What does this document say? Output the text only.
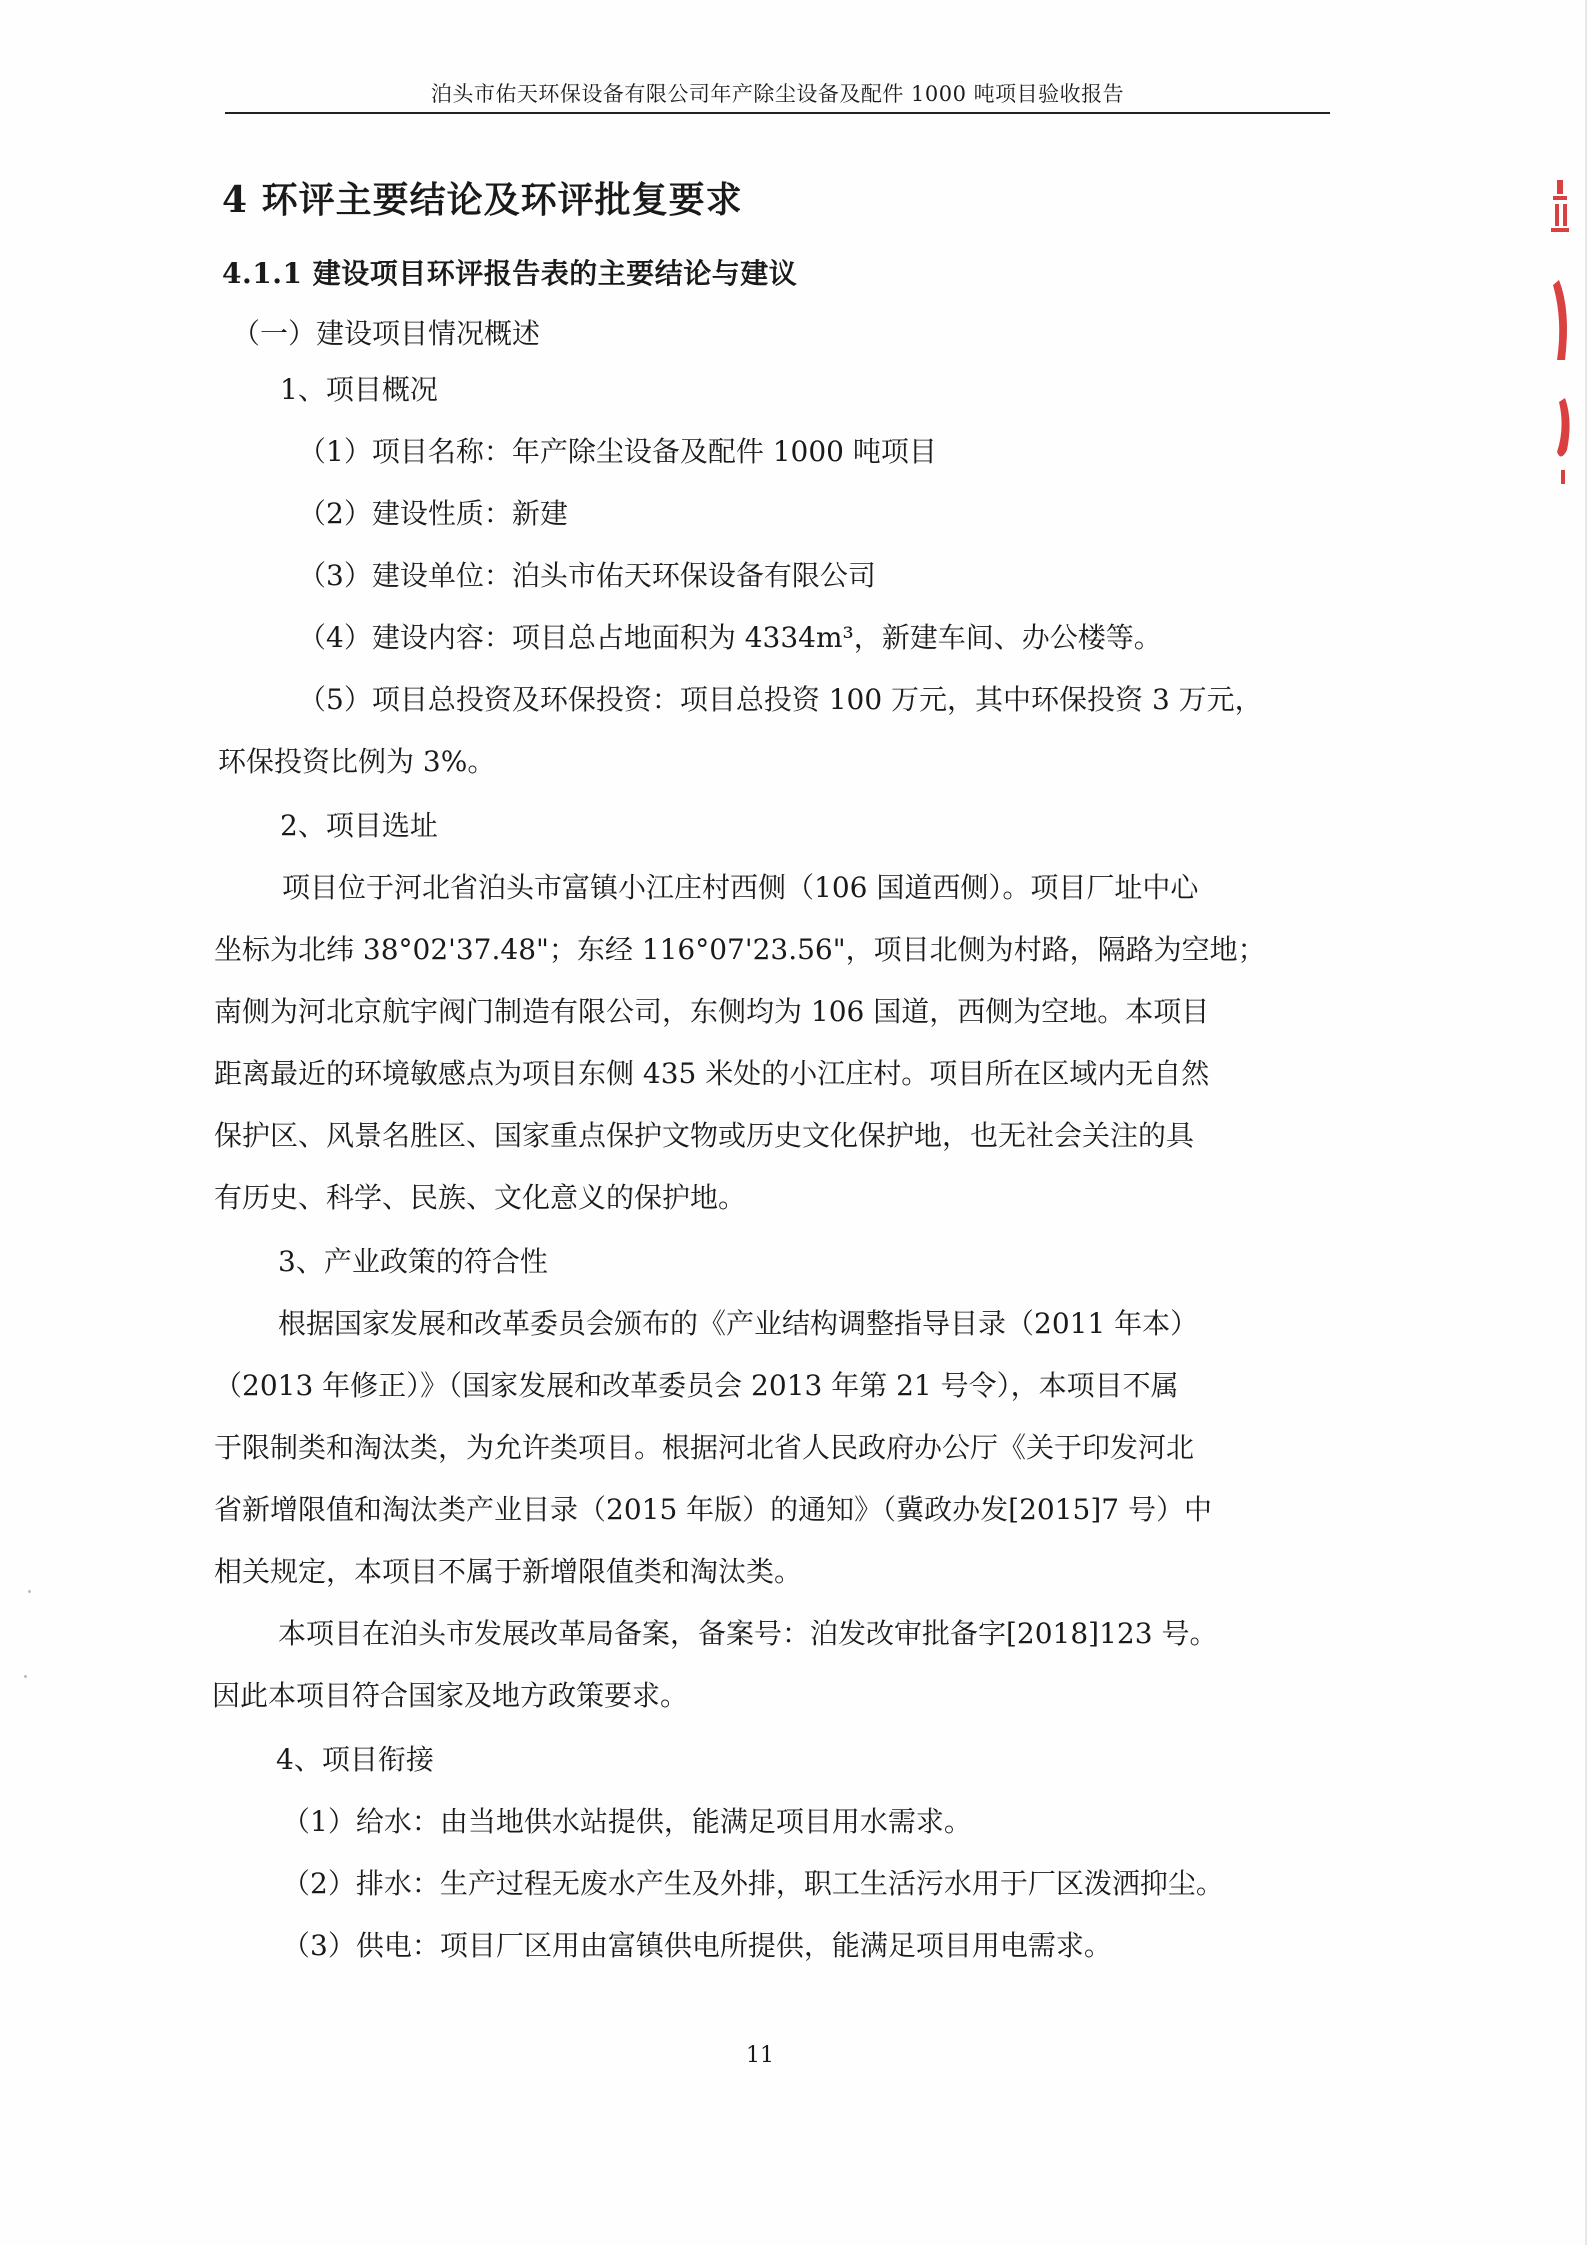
泊头市佑天环保设备有限公司年产除尘设备及配件 1000 吨项目验收报告
4 环评主要结论及环评批复要求
4.1.1 建设项目环评报告表的主要结论与建议
（一）建设项目情况概述
1、项目概况
（1）项目名称：年产除尘设备及配件 1000 吨项目
（2）建设性质：新建
（3）建设单位：泊头市佑天环保设备有限公司
（4）建设内容：项目总占地面积为 4334m³，新建车间、办公楼等。
（5）项目总投资及环保投资：项目总投资 100 万元，其中环保投资 3 万元，
环保投资比例为 3%。
2、项目选址
项目位于河北省泊头市富镇小江庄村西侧（106 国道西侧）。项目厂址中心
坐标为北纬 38°02'37.48"；东经 116°07'23.56"，项目北侧为村路，隔路为空地；
南侧为河北京航宇阀门制造有限公司，东侧均为 106 国道，西侧为空地。本项目
距离最近的环境敏感点为项目东侧 435 米处的小江庄村。项目所在区域内无自然
保护区、风景名胜区、国家重点保护文物或历史文化保护地，也无社会关注的具
有历史、科学、民族、文化意义的保护地。
3、产业政策的符合性
根据国家发展和改革委员会颁布的《产业结构调整指导目录（2011 年本）
（2013 年修正）》（国家发展和改革委员会 2013 年第 21 号令），本项目不属
于限制类和淘汰类，为允许类项目。根据河北省人民政府办公厅《关于印发河北
省新增限值和淘汰类产业目录（2015 年版）的通知》（冀政办发[2015]7 号）中
相关规定，本项目不属于新增限值类和淘汰类。
本项目在泊头市发展改革局备案，备案号：泊发改审批备字[2018]123 号。
因此本项目符合国家及地方政策要求。
4、项目衔接
（1）给水：由当地供水站提供，能满足项目用水需求。
（2）排水：生产过程无废水产生及外排，职工生活污水用于厂区泼洒抑尘。
（3）供电：项目厂区用由富镇供电所提供，能满足项目用电需求。
11
